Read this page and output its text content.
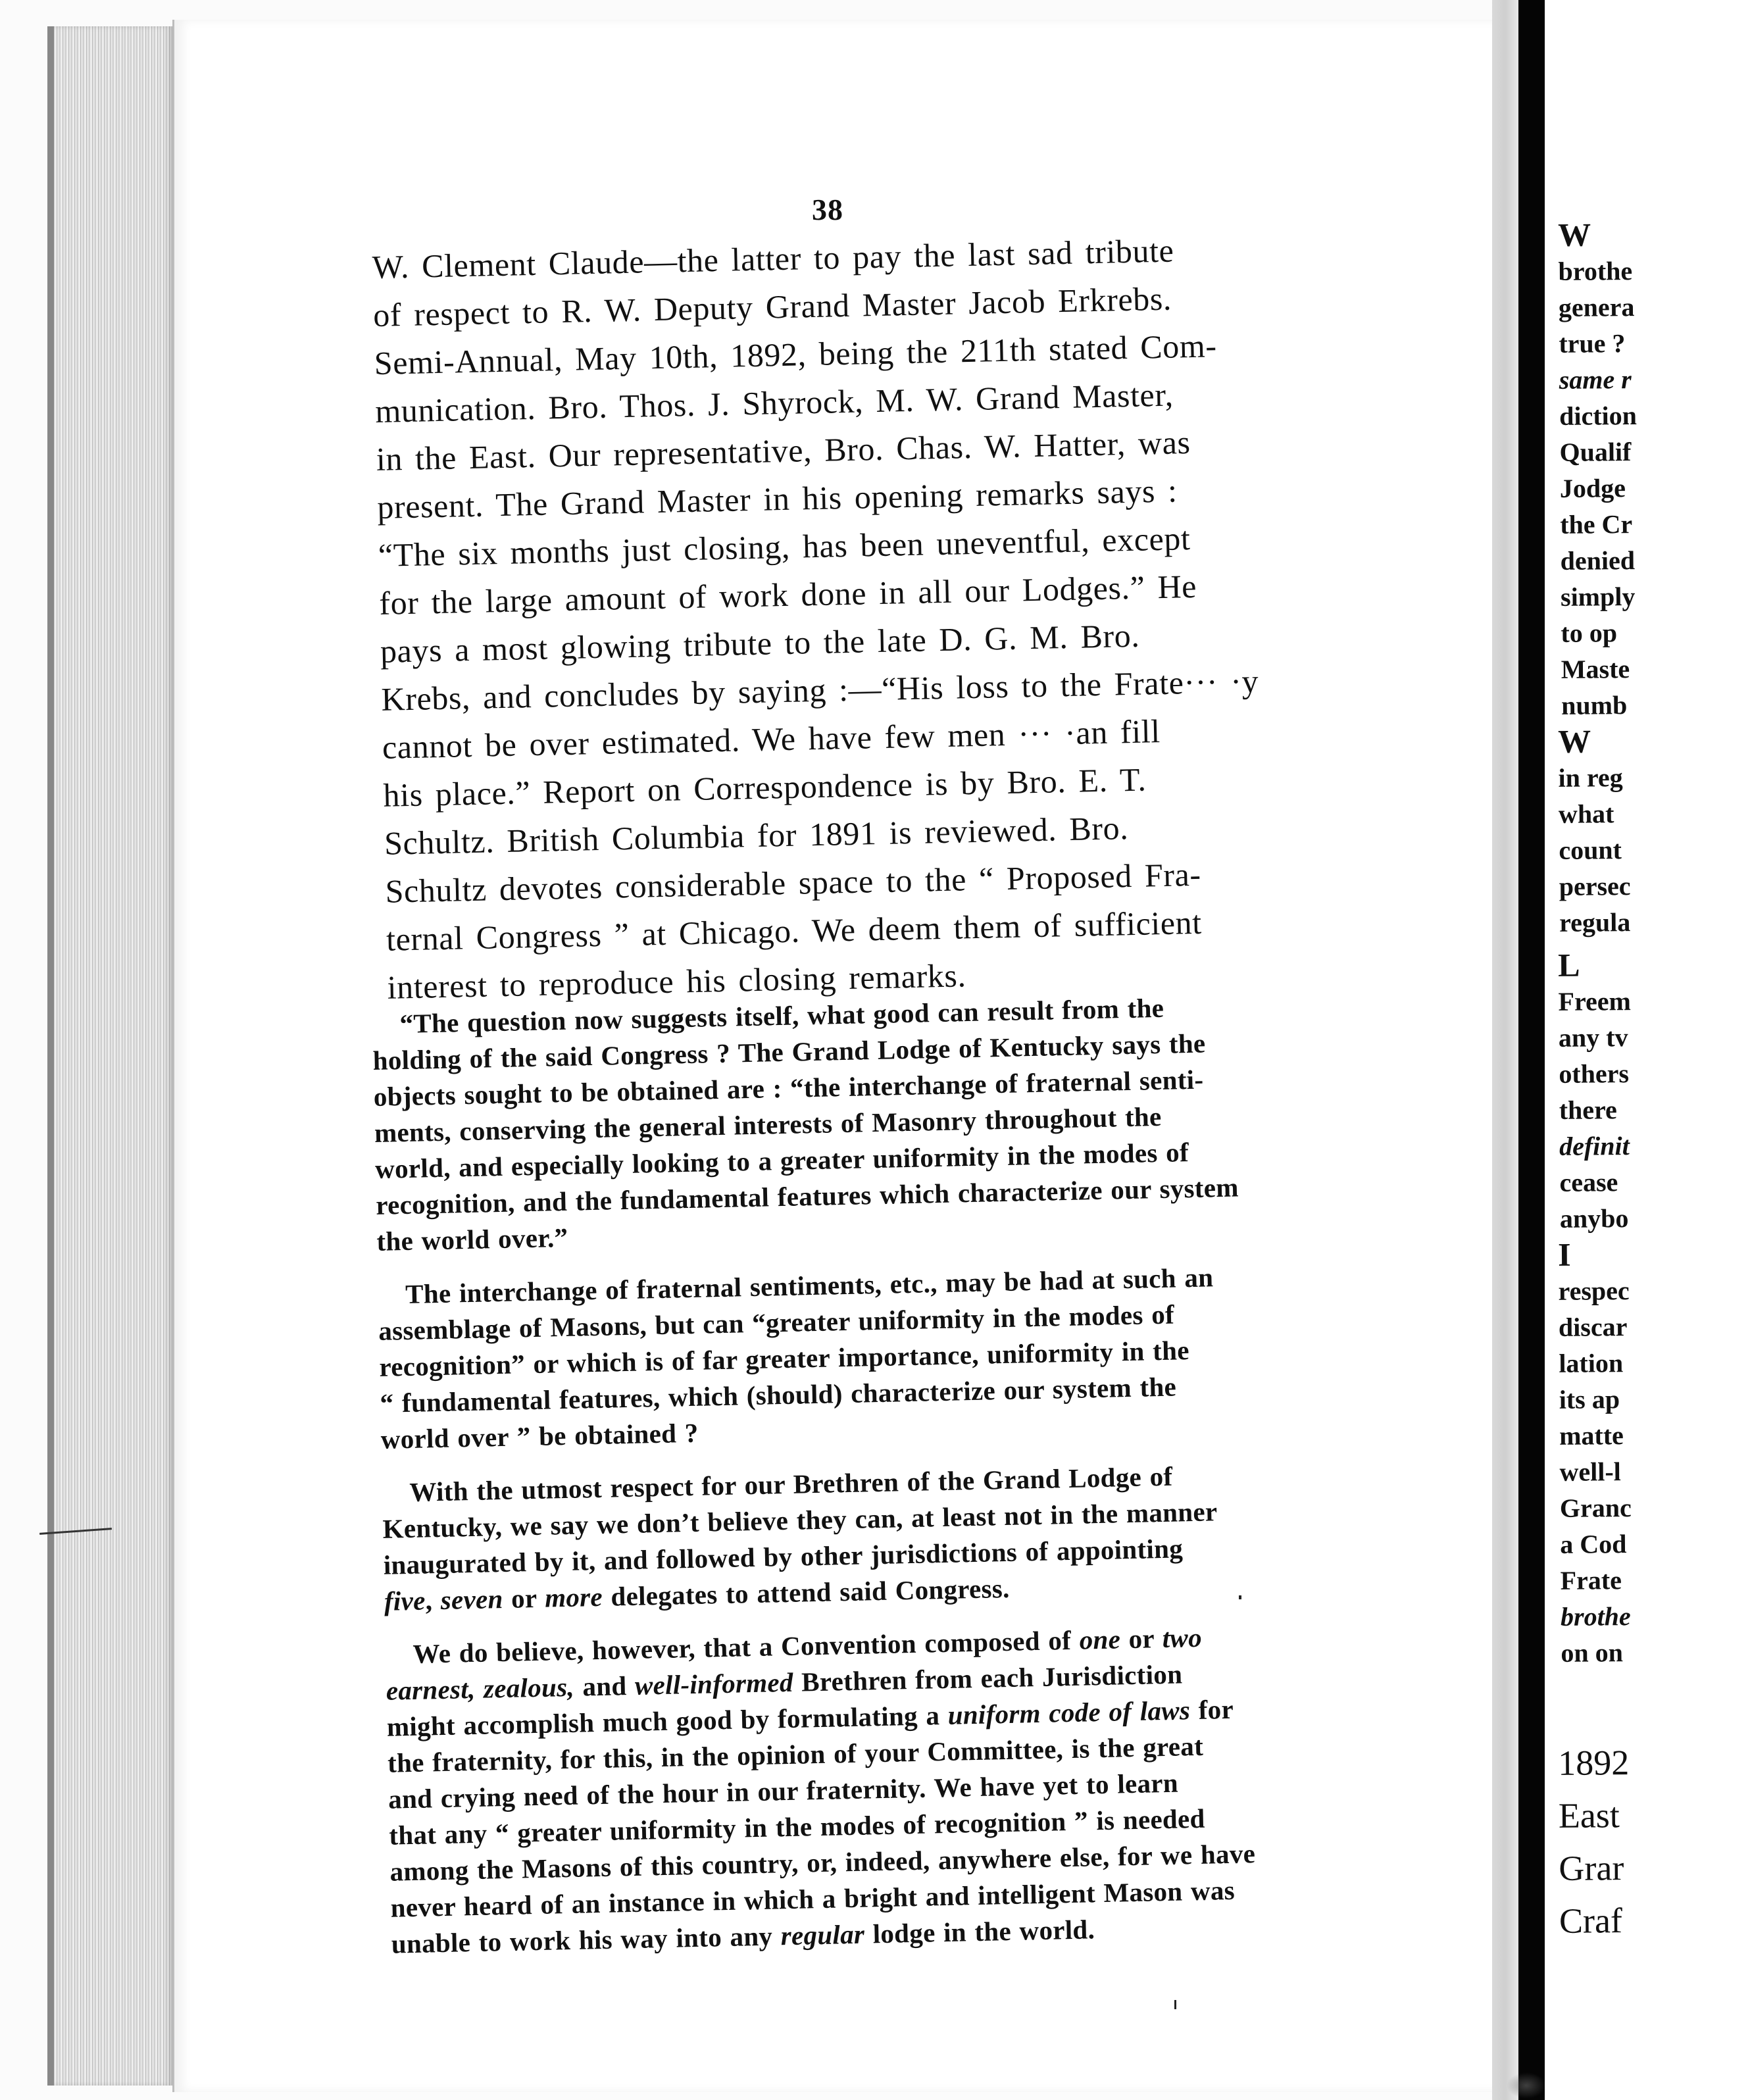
38
W. Clement Claude—the latter to pay the last sad tribute
of respect to R. W. Deputy Grand Master Jacob Erkrebs.
Semi-Annual, May 10th, 1892, being the 211th stated Com-
munication. Bro. Thos. J. Shyrock, M. W. Grand Master,
in the East. Our representative, Bro. Chas. W. Hatter, was
present. The Grand Master in his opening remarks says :
“The six months just closing, has been uneventful, except
for the large amount of work done in all our Lodges.” He
pays a most glowing tribute to the late D. G. M. Bro.
Krebs, and concludes by saying :—“His loss to the Frate··· ·y
cannot be over estimated. We have few men ··· ·an fill
his place.” Report on Correspondence is by Bro. E. T.
Schultz. British Columbia for 1891 is reviewed. Bro.
Schultz devotes considerable space to the “ Proposed Fra-
ternal Congress ” at Chicago. We deem them of sufficient
interest to reproduce his closing remarks.
“The question now suggests itself, what good can result from the
holding of the said Congress ? The Grand Lodge of Kentucky says the
objects sought to be obtained are : “the interchange of fraternal senti-
ments, conserving the general interests of Masonry throughout the
world, and especially looking to a greater uniformity in the modes of
recognition, and the fundamental features which characterize our system
the world over.”
The interchange of fraternal sentiments, etc., may be had at such an
assemblage of Masons, but can “greater uniformity in the modes of
recognition” or which is of far greater importance, uniformity in the
“ fundamental features, which (should) characterize our system the
world over ” be obtained ?
With the utmost respect for our Brethren of the Grand Lodge of
Kentucky, we say we don’t believe they can, at least not in the manner
inaugurated by it, and followed by other jurisdictions of appointing
five, seven or more delegates to attend said Congress.
We do believe, however, that a Convention composed of one or two
earnest, zealous, and well-informed Brethren from each Jurisdiction
might accomplish much good by formulating a uniform code of laws for
the fraternity, for this, in the opinion of your Committee, is the great
and crying need of the hour in our fraternity. We have yet to learn
that any “ greater uniformity in the modes of recognition ” is needed
among the Masons of this country, or, indeed, anywhere else, for we have
never heard of an instance in which a bright and intelligent Mason was
unable to work his way into any regular lodge in the world.
W
brothe
genera
true ?
same r
diction
Qualif
Jodge
the Cr
denied
simply
to op
Maste
numb
W
in reg
what
count
persec
regula
L
Freem
any tv
others
there
definit
cease
anybo
I
respec
discar
lation
its ap
matte
well-l
Granc
a Cod
Frate
brothe
on on
1892
East
Grar
Craf
